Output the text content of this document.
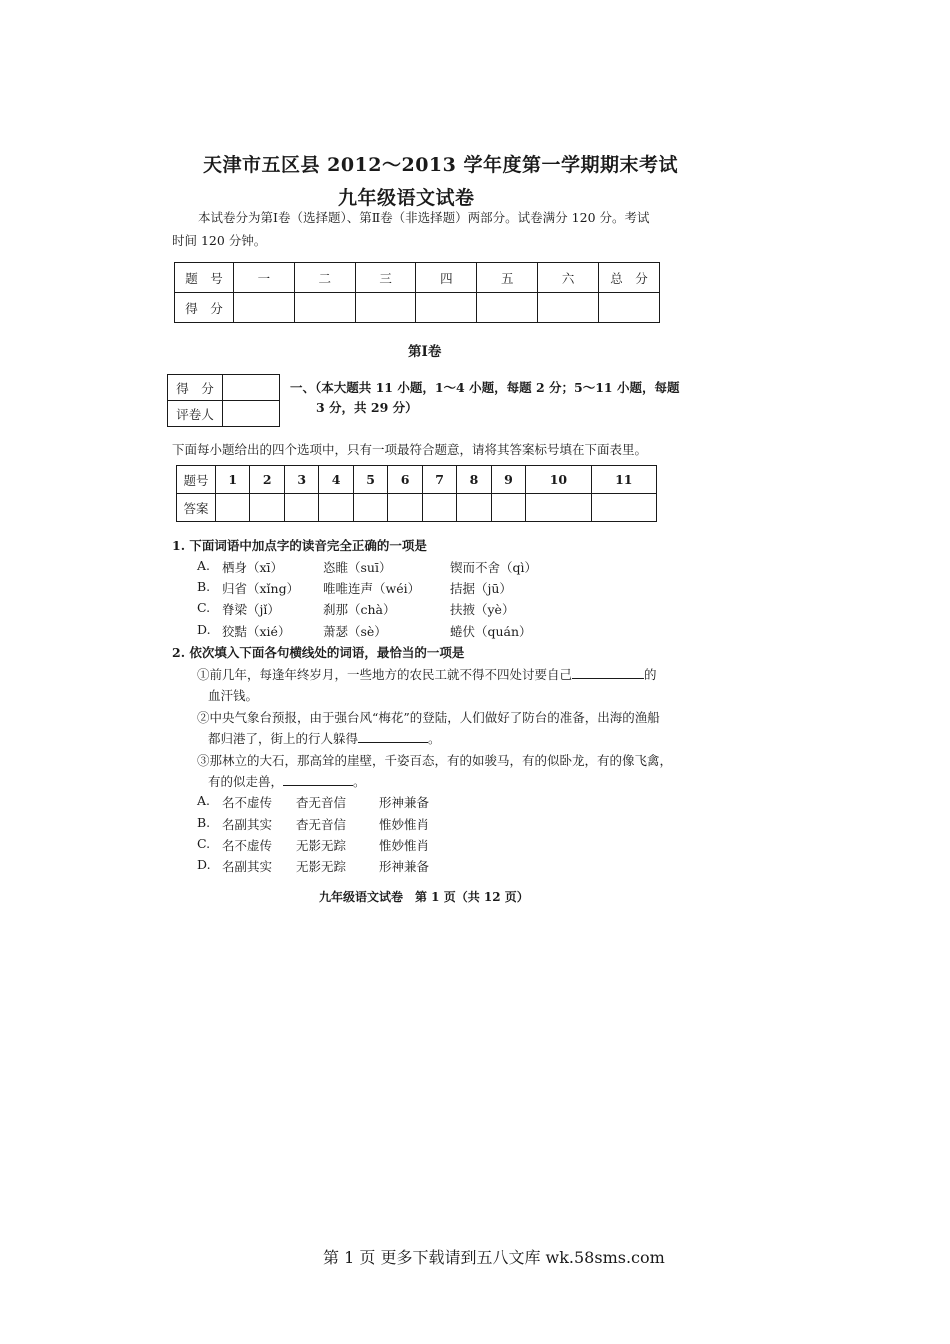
天津市五区县 2012～2013 学年度第一学期期末考试
九年级语文试卷
本试卷分为第Ⅰ卷（选择题）、第Ⅱ卷（非选择题）两部分。试卷满分 120 分。考试
时间 120 分钟。
题　号	一	二	三	四	五	六	总　分
得　分							
第Ⅰ卷
得　分	
评卷人	
一、（本大题共 11 小题，1～4 小题，每题 2 分；5～11 小题，每题
3 分，共 29 分）
下面每小题给出的四个选项中，只有一项最符合题意，请将其答案标号填在下面表里。
题号	1	2	3	4	5	6	7	8	9	10	11
答案											
1. 下面词语中加点字的读音完全正确的一项是
A. 栖身（xī）	恣睢（suī）	锲而不舍（qì）
B. 归省（xǐng） 唯唯连声（wéi） 拮据（jū）
C. 脊梁（jǐ）	刹那（chà）	扶掖（yè）
D. 狡黠（xié）	萧瑟（sè）	蜷伏（quán）
2. 依次填入下面各句横线处的词语，最恰当的一项是
①前几年，每逢年终岁月，一些地方的农民工就不得不四处讨要自己	的
血汗钱。
②中央气象台预报，由于强台风“梅花”的登陆，人们做好了防台的准备，出海的渔船
都归港了，街上的行人躲得	。
③那林立的大石，那高耸的崖壁，千姿百态，有的如骏马，有的似卧龙，有的像飞禽，
有的似走兽，	。
A. 名不虚传 杳无音信	形神兼备
B. 名副其实 杳无音信	惟妙惟肖
C. 名不虚传 无影无踪	惟妙惟肖
D. 名副其实 无影无踪	形神兼备
九年级语文试卷　第 1 页（共 12 页）
第 1 页 更多下载请到五八文库 wk.58sms.com
